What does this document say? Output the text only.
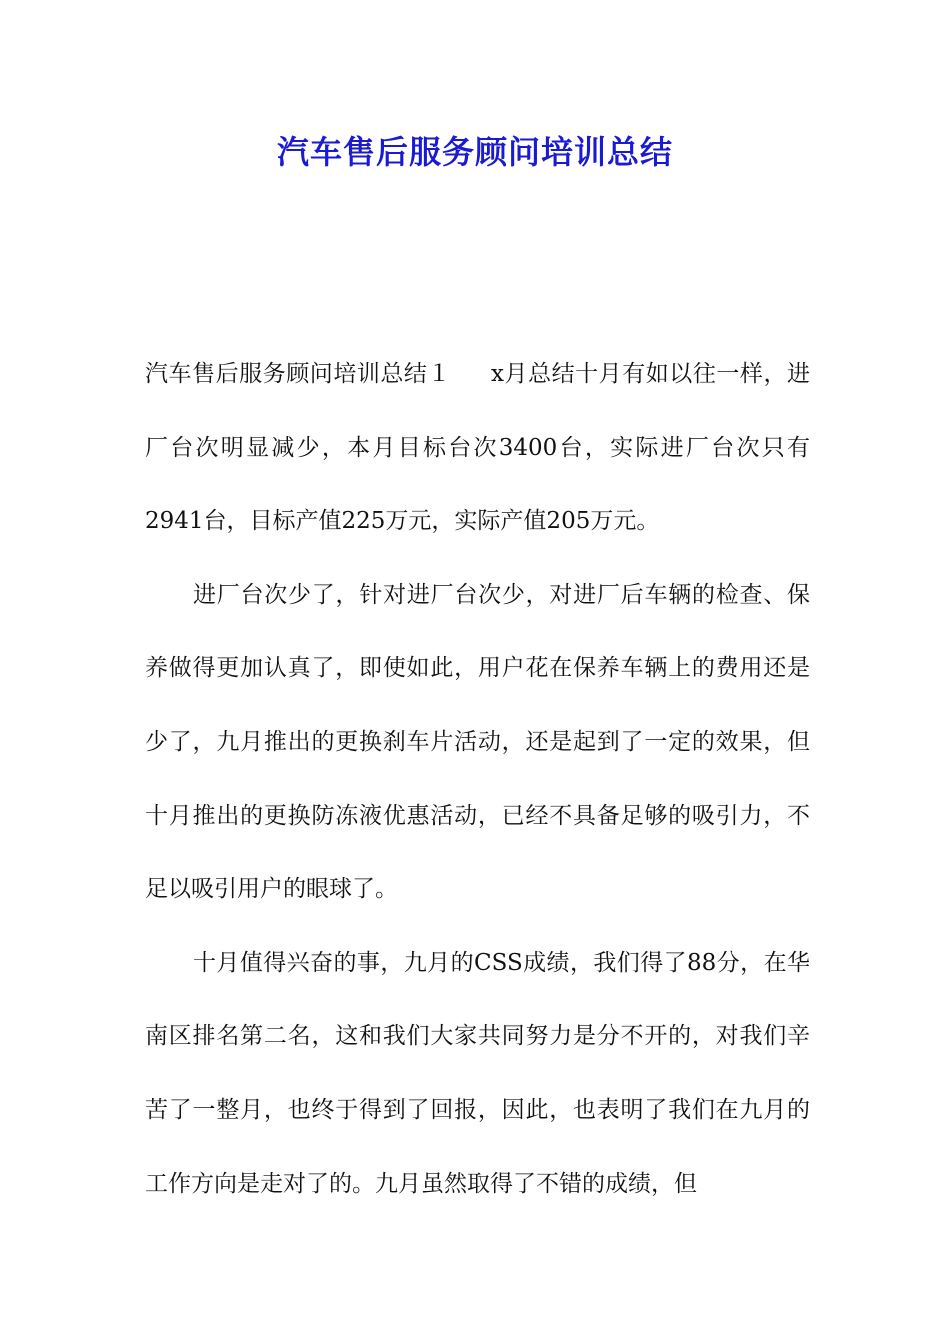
汽车售后服务顾问培训总结

汽车售后服务顾问培训总结１ x月总结十月有如以往一样，进厂台次明显减少，本月目标台次3400台，实际进厂台次只有2941台，目标产值225万元，实际产值205万元。

进厂台次少了，针对进厂台次少，对进厂后车辆的检查、保养做得更加认真了，即使如此，用户花在保养车辆上的费用还是少了，九月推出的更换刹车片活动，还是起到了一定的效果，但十月推出的更换防冻液优惠活动，已经不具备足够的吸引力，不足以吸引用户的眼球了。

十月值得兴奋的事，九月的CSS成绩，我们得了88分，在华南区排名第二名，这和我们大家共同努力是分不开的，对我们辛苦了一整月，也终于得到了回报，因此，也表明了我们在九月的工作方向是走对了的。九月虽然取得了不错的成绩，但
